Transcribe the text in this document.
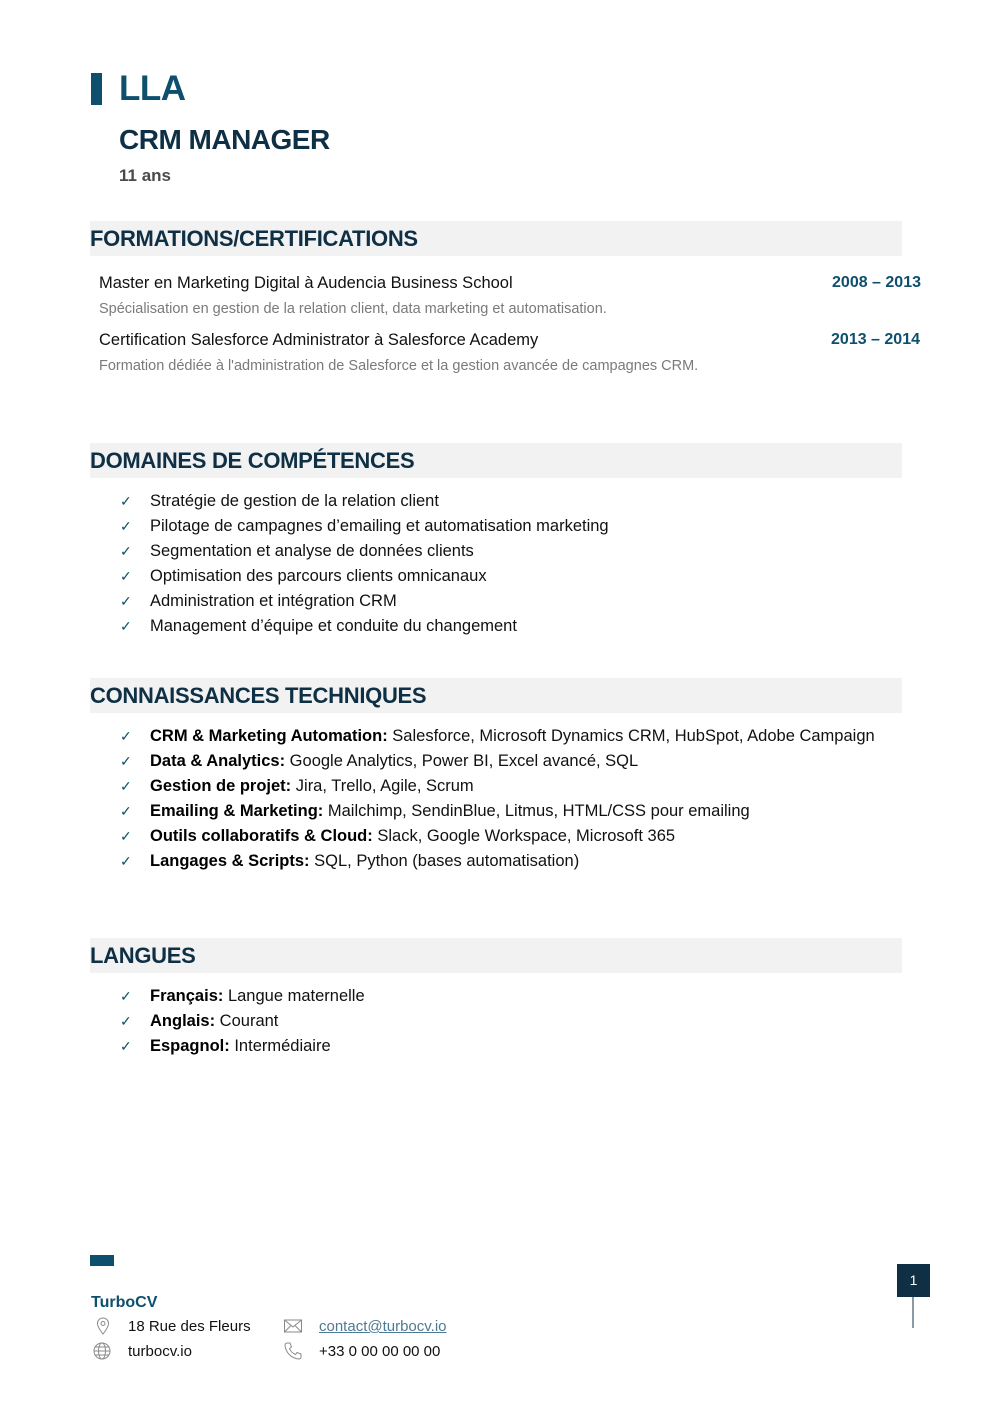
LLA
CRM MANAGER
11 ans
FORMATIONS/CERTIFICATIONS
Master en Marketing Digital à Audencia Business School	2008 – 2013
Spécialisation en gestion de la relation client, data marketing et automatisation.
Certification Salesforce Administrator à Salesforce Academy	2013 – 2014
Formation dédiée à l'administration de Salesforce et la gestion avancée de campagnes CRM.
DOMAINES DE COMPÉTENCES
✓ Stratégie de gestion de la relation client
✓ Pilotage de campagnes d’emailing et automatisation marketing
✓ Segmentation et analyse de données clients
✓ Optimisation des parcours clients omnicanaux
✓ Administration et intégration CRM
✓ Management d’équipe et conduite du changement
CONNAISSANCES TECHNIQUES
✓ CRM & Marketing Automation: Salesforce, Microsoft Dynamics CRM, HubSpot, Adobe Campaign
✓ Data & Analytics: Google Analytics, Power BI, Excel avancé, SQL
✓ Gestion de projet: Jira, Trello, Agile, Scrum
✓ Emailing & Marketing: Mailchimp, SendinBlue, Litmus, HTML/CSS pour emailing
✓ Outils collaboratifs & Cloud: Slack, Google Workspace, Microsoft 365
✓ Langages & Scripts: SQL, Python (bases automatisation)
LANGUES
✓ Français: Langue maternelle
✓ Anglais: Courant
✓ Espagnol: Intermédiaire
TurboCV
18 Rue des Fleurs
turbocv.io
contact@turbocv.io
+33 0 00 00 00 00
1
